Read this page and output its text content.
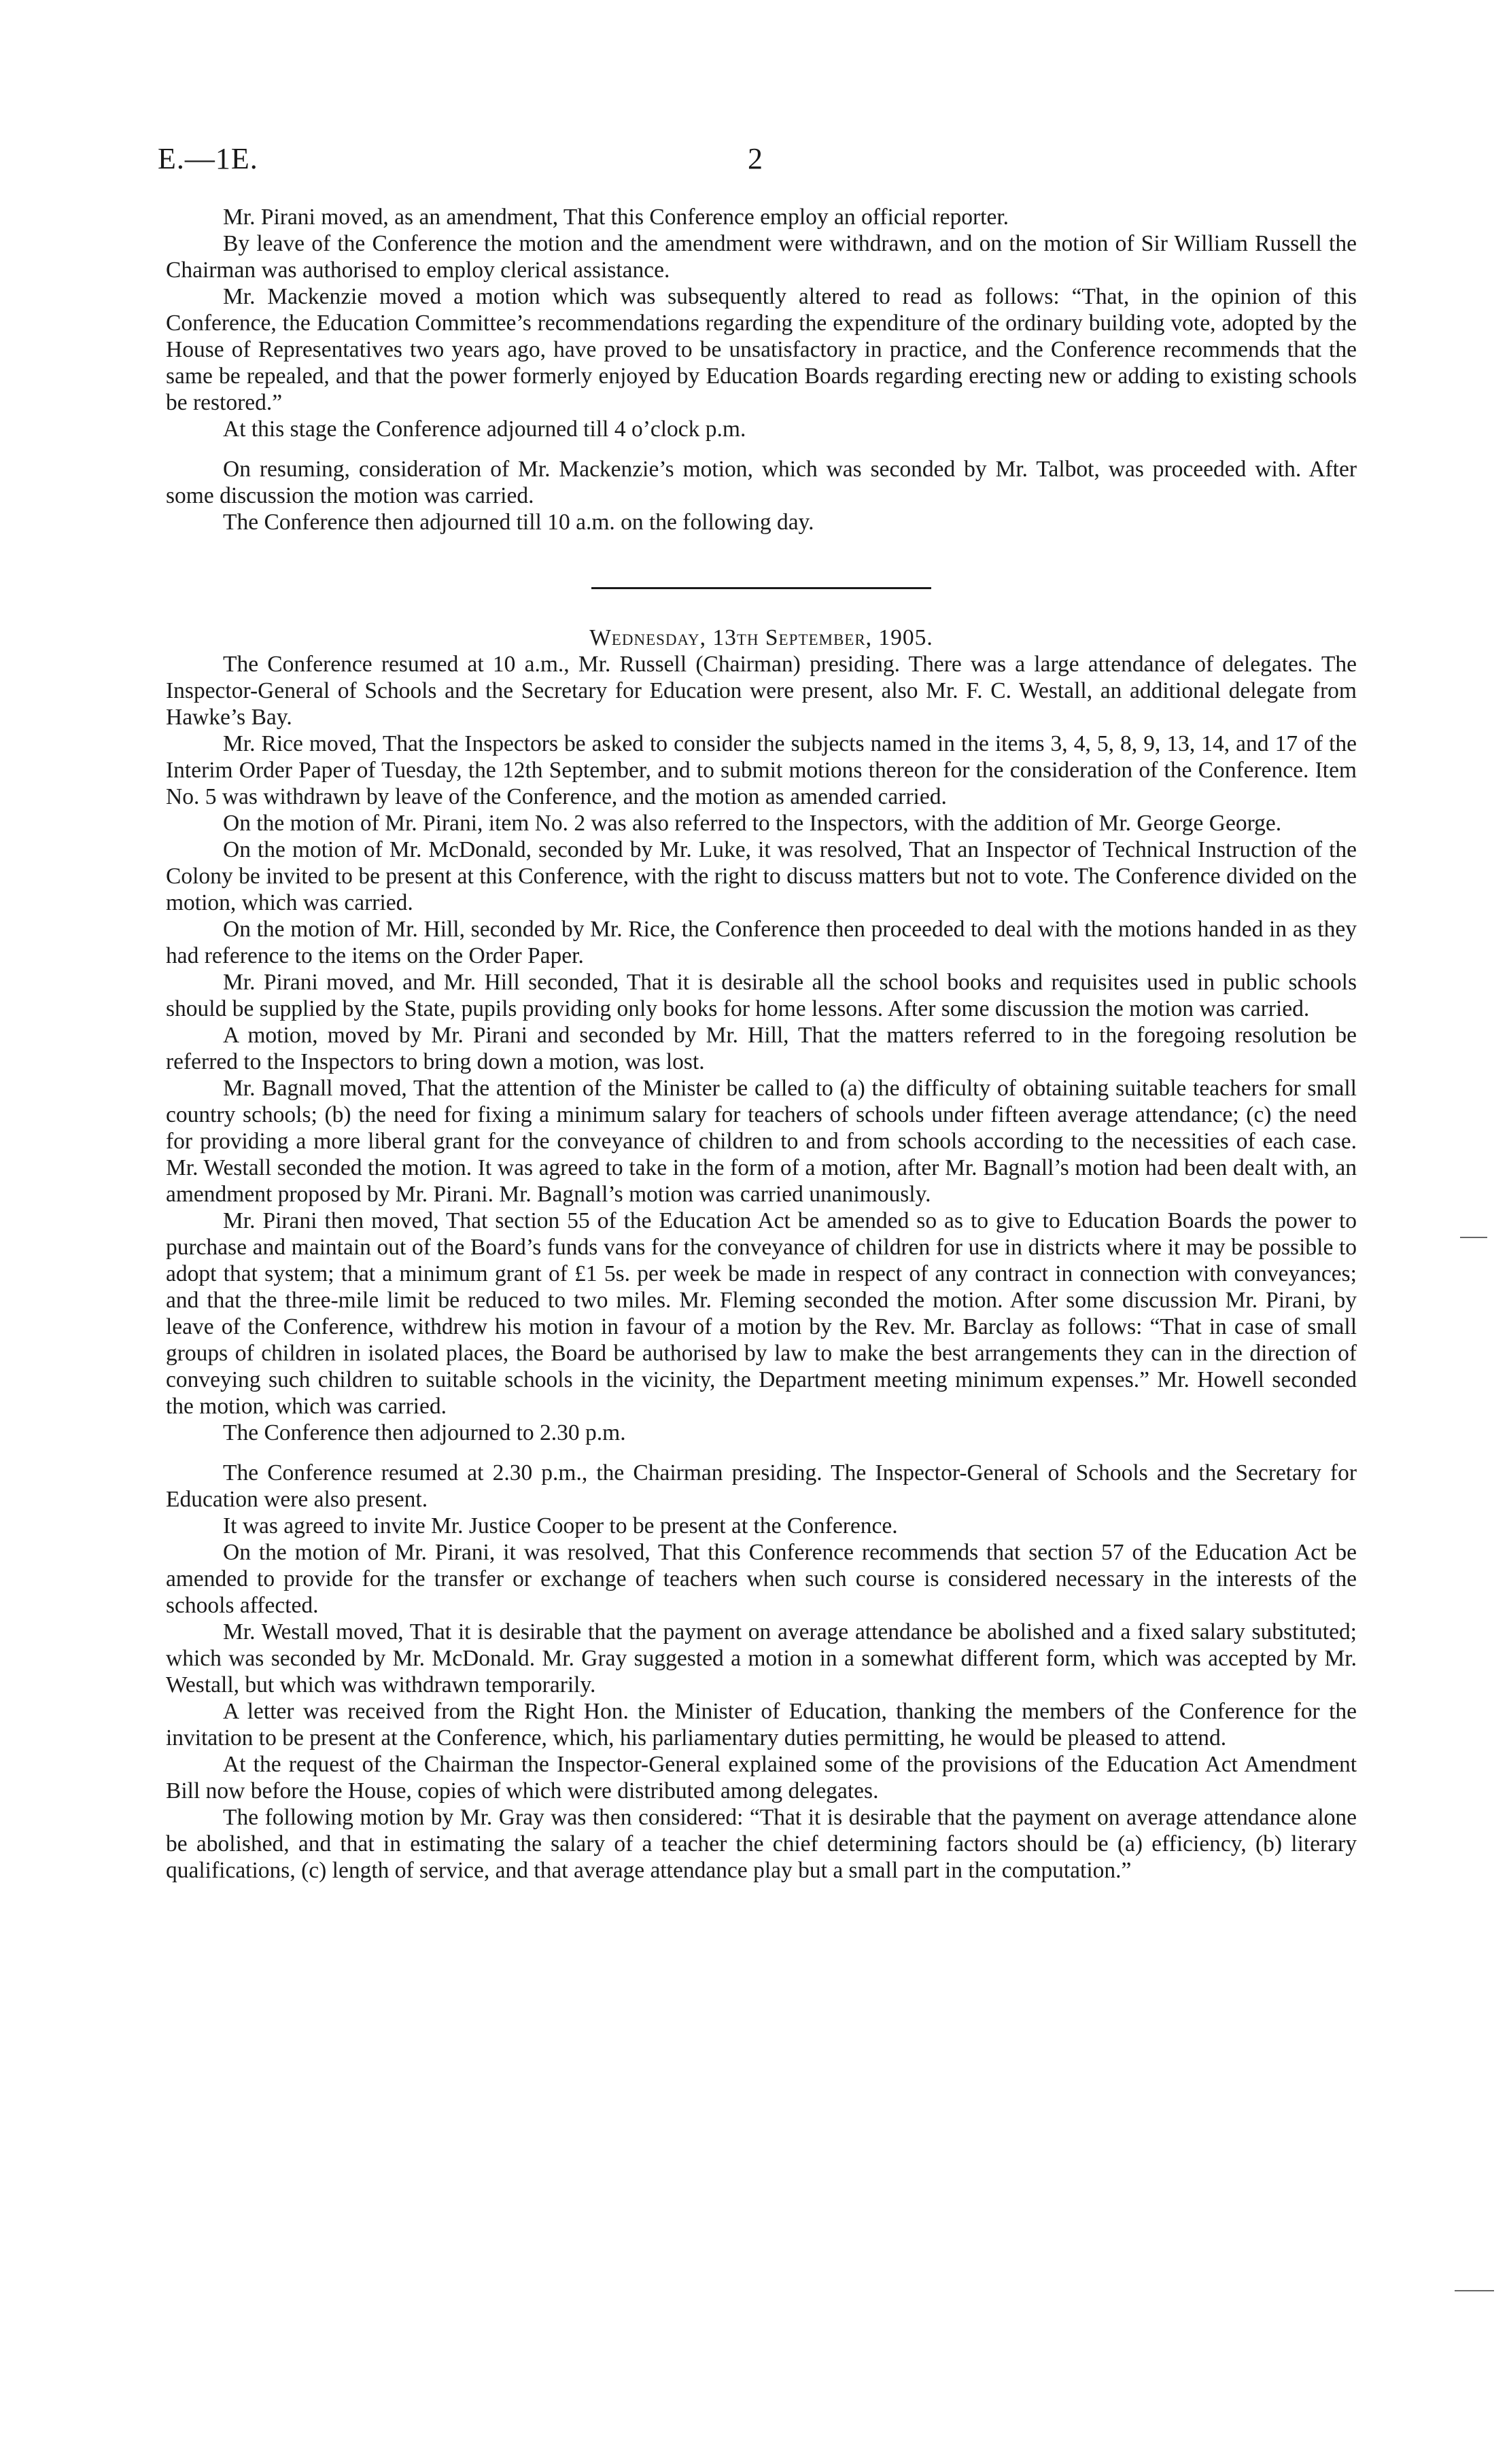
E.—1E.	2

Mr. Pirani moved, as an amendment, That this Conference employ an official reporter.

By leave of the Conference the motion and the amendment were withdrawn, and on the motion of Sir William Russell the Chairman was authorised to employ clerical assistance.

Mr. Mackenzie moved a motion which was subsequently altered to read as follows: “That, in the opinion of this Conference, the Education Committee’s recommendations regarding the expenditure of the ordinary building vote, adopted by the House of Representatives two years ago, have proved to be unsatisfactory in practice, and the Conference recommends that the same be repealed, and that the power formerly enjoyed by Education Boards regarding erecting new or adding to existing schools be restored.”

At this stage the Conference adjourned till 4 o’clock p.m.

On resuming, consideration of Mr. Mackenzie’s motion, which was seconded by Mr. Talbot, was proceeded with. After some discussion the motion was carried.

The Conference then adjourned till 10 a.m. on the following day.

Wednesday, 13th September, 1905.

The Conference resumed at 10 a.m., Mr. Russell (Chairman) presiding. There was a large attendance of delegates. The Inspector-General of Schools and the Secretary for Education were present, also Mr. F. C. Westall, an additional delegate from Hawke’s Bay.

Mr. Rice moved, That the Inspectors be asked to consider the subjects named in the items 3, 4, 5, 8, 9, 13, 14, and 17 of the Interim Order Paper of Tuesday, the 12th September, and to submit motions thereon for the consideration of the Conference. Item No. 5 was withdrawn by leave of the Conference, and the motion as amended carried.

On the motion of Mr. Pirani, item No. 2 was also referred to the Inspectors, with the addition of Mr. George George.

On the motion of Mr. McDonald, seconded by Mr. Luke, it was resolved, That an Inspector of Technical Instruction of the Colony be invited to be present at this Conference, with the right to discuss matters but not to vote. The Conference divided on the motion, which was carried.

On the motion of Mr. Hill, seconded by Mr. Rice, the Conference then proceeded to deal with the motions handed in as they had reference to the items on the Order Paper.

Mr. Pirani moved, and Mr. Hill seconded, That it is desirable all the school books and requisites used in public schools should be supplied by the State, pupils providing only books for home lessons. After some discussion the motion was carried.

A motion, moved by Mr. Pirani and seconded by Mr. Hill, That the matters referred to in the foregoing resolution be referred to the Inspectors to bring down a motion, was lost.

Mr. Bagnall moved, That the attention of the Minister be called to (a) the difficulty of obtaining suitable teachers for small country schools; (b) the need for fixing a minimum salary for teachers of schools under fifteen average attendance; (c) the need for providing a more liberal grant for the conveyance of children to and from schools according to the necessities of each case. Mr. Westall seconded the motion. It was agreed to take in the form of a motion, after Mr. Bagnall’s motion had been dealt with, an amendment proposed by Mr. Pirani. Mr. Bagnall’s motion was carried unanimously.

Mr. Pirani then moved, That section 55 of the Education Act be amended so as to give to Education Boards the power to purchase and maintain out of the Board’s funds vans for the conveyance of children for use in districts where it may be possible to adopt that system; that a minimum grant of £1 5s. per week be made in respect of any contract in connection with conveyances; and that the three-mile limit be reduced to two miles. Mr. Fleming seconded the motion. After some discussion Mr. Pirani, by leave of the Conference, withdrew his motion in favour of a motion by the Rev. Mr. Barclay as follows: “That in case of small groups of children in isolated places, the Board be authorised by law to make the best arrangements they can in the direction of conveying such children to suitable schools in the vicinity, the Department meeting minimum expenses.” Mr. Howell seconded the motion, which was carried.

The Conference then adjourned to 2.30 p.m.

The Conference resumed at 2.30 p.m., the Chairman presiding. The Inspector-General of Schools and the Secretary for Education were also present.

It was agreed to invite Mr. Justice Cooper to be present at the Conference.

On the motion of Mr. Pirani, it was resolved, That this Conference recommends that section 57 of the Education Act be amended to provide for the transfer or exchange of teachers when such course is considered necessary in the interests of the schools affected.

Mr. Westall moved, That it is desirable that the payment on average attendance be abolished and a fixed salary substituted; which was seconded by Mr. McDonald. Mr. Gray suggested a motion in a somewhat different form, which was accepted by Mr. Westall, but which was withdrawn temporarily.

A letter was received from the Right Hon. the Minister of Education, thanking the members of the Conference for the invitation to be present at the Conference, which, his parliamentary duties permitting, he would be pleased to attend.

At the request of the Chairman the Inspector-General explained some of the provisions of the Education Act Amendment Bill now before the House, copies of which were distributed among delegates.

The following motion by Mr. Gray was then considered: “That it is desirable that the payment on average attendance alone be abolished, and that in estimating the salary of a teacher the chief determining factors should be (a) efficiency, (b) literary qualifications, (c) length of service, and that average attendance play but a small part in the computation.”
